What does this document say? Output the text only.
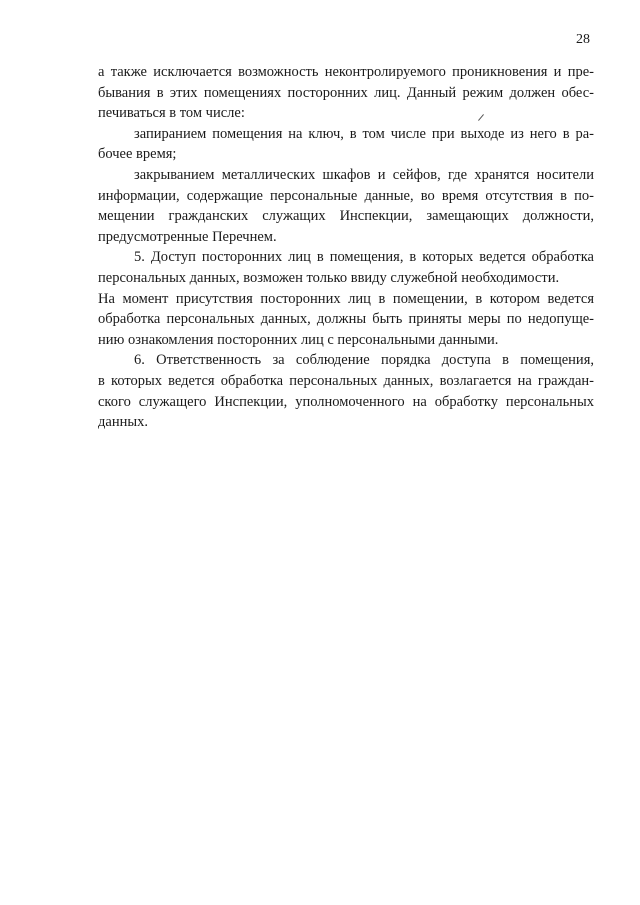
28
а также исключается возможность неконтролируемого проникновения и пре-
бывания в этих помещениях посторонних лиц. Данный режим должен обес-
печиваться в том числе:
запиранием помещения на ключ, в том числе при выходе из него в ра-
бочее время;
закрыванием металлических шкафов и сейфов, где хранятся носители
информации, содержащие персональные данные, во время отсутствия в по-
мещении гражданских служащих Инспекции, замещающих должности,
предусмотренные Перечнем.
5. Доступ посторонних лиц в помещения, в которых ведется обработка
персональных данных, возможен только ввиду служебной необходимости.
На момент присутствия посторонних лиц в помещении, в котором ведется
обработка персональных данных, должны быть приняты меры по недопуще-
нию ознакомления посторонних лиц с персональными данными.
6. Ответственность за соблюдение порядка доступа в помещения,
в которых ведется обработка персональных данных, возлагается на граждан-
ского служащего Инспекции, уполномоченного на обработку персональных
данных.
